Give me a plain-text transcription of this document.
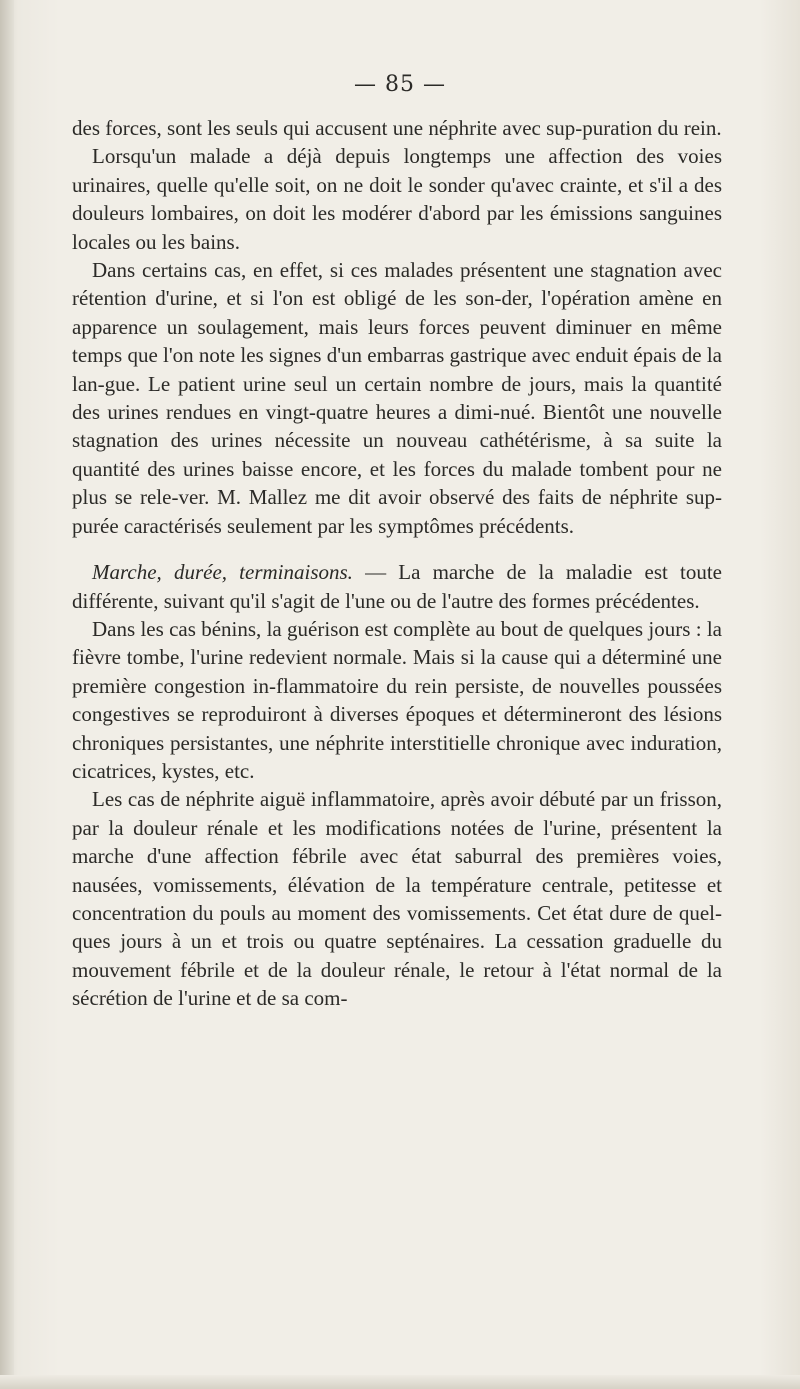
— 85 —

des forces, sont les seuls qui accusent une néphrite avec sup-puration du rein.

Lorsqu'un malade a déjà depuis longtemps une affection des voies urinaires, quelle qu'elle soit, on ne doit le sonder qu'avec crainte, et s'il a des douleurs lombaires, on doit les modérer d'abord par les émissions sanguines locales ou les bains.

Dans certains cas, en effet, si ces malades présentent une stagnation avec rétention d'urine, et si l'on est obligé de les son-der, l'opération amène en apparence un soulagement, mais leurs forces peuvent diminuer en même temps que l'on note les signes d'un embarras gastrique avec enduit épais de la lan-gue. Le patient urine seul un certain nombre de jours, mais la quantité des urines rendues en vingt-quatre heures a dimi-nué. Bientôt une nouvelle stagnation des urines nécessite un nouveau cathétérisme, à sa suite la quantité des urines baisse encore, et les forces du malade tombent pour ne plus se rele-ver. M. Mallez me dit avoir observé des faits de néphrite sup-purée caractérisés seulement par les symptômes précédents.

Marche, durée, terminaisons. — La marche de la maladie est toute différente, suivant qu'il s'agit de l'une ou de l'autre des formes précédentes.

Dans les cas bénins, la guérison est complète au bout de quelques jours : la fièvre tombe, l'urine redevient normale. Mais si la cause qui a déterminé une première congestion in-flammatoire du rein persiste, de nouvelles poussées congestives se reproduiront à diverses époques et détermineront des lésions chroniques persistantes, une néphrite interstitielle chronique avec induration, cicatrices, kystes, etc.

Les cas de néphrite aiguë inflammatoire, après avoir débuté par un frisson, par la douleur rénale et les modifications notées de l'urine, présentent la marche d'une affection fébrile avec état saburral des premières voies, nausées, vomissements, élévation de la température centrale, petitesse et concentration du pouls au moment des vomissements. Cet état dure de quel-ques jours à un et trois ou quatre septénaires. La cessation graduelle du mouvement fébrile et de la douleur rénale, le retour à l'état normal de la sécrétion de l'urine et de sa com-
